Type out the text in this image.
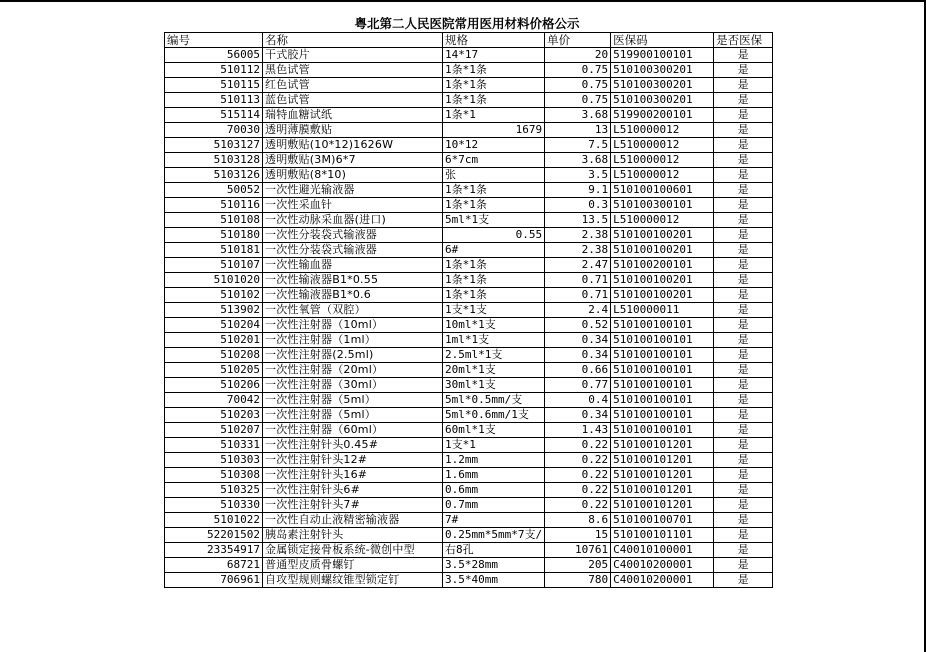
粤北第二人民医院常用医用材料价格公示
编号	名称	规格	单价	医保码	是否医保
56005	干式胶片	14*17	20	519900100101	是
510112	黑色试管	1条*1条	0.75	510100300201	是
510115	红色试管	1条*1条	0.75	510100300201	是
510113	蓝色试管	1条*1条	0.75	510100300201	是
515114	瑞特血糖试纸	1条*1	3.68	519900200101	是
70030	透明薄膜敷贴	1679	13	L510000012	是
5103127	透明敷贴(10*12)1626W	10*12	7.5	L510000012	是
5103128	透明敷贴(3M)6*7	6*7cm	3.68	L510000012	是
5103126	透明敷贴(8*10)	张	3.5	L510000012	是
50052	一次性避光输液器	1条*1条	9.1	510100100601	是
510116	一次性采血针	1条*1条	0.3	510100300101	是
510108	一次性动脉采血器(进口)	5ml*1支	13.5	L510000012	是
510180	一次性分装袋式输液器	0.55	2.38	510100100201	是
510181	一次性分装袋式输液器	6#	2.38	510100100201	是
510107	一次性输血器	1条*1条	2.47	510100200101	是
5101020	一次性输液器B1*0.55	1条*1条	0.71	510100100201	是
510102	一次性输液器B1*0.6	1条*1条	0.71	510100100201	是
513902	一次性氧管（双腔）	1支*1支	2.4	L510000011	是
510204	一次性注射器（10ml）	10ml*1支	0.52	510100100101	是
510201	一次性注射器（1ml）	1ml*1支	0.34	510100100101	是
510208	一次性注射器(2.5ml)	2.5ml*1支	0.34	510100100101	是
510205	一次性注射器（20ml）	20ml*1支	0.66	510100100101	是
510206	一次性注射器（30ml）	30ml*1支	0.77	510100100101	是
70042	一次性注射器（5ml）	5ml*0.5mm/支	0.4	510100100101	是
510203	一次性注射器（5ml）	5ml*0.6mm/1支	0.34	510100100101	是
510207	一次性注射器（60ml）	60ml*1支	1.43	510100100101	是
510331	一次性注射针头0.45#	1支*1	0.22	510100101201	是
510303	一次性注射针头12#	1.2mm	0.22	510100101201	是
510308	一次性注射针头16#	1.6mm	0.22	510100101201	是
510325	一次性注射针头6#	0.6mm	0.22	510100101201	是
510330	一次性注射针头7#	0.7mm	0.22	510100101201	是
5101022	一次性自动止液精密输液器	7#	8.6	510100100701	是
52201502	胰岛素注射针头	0.25mm*5mm*7支/	15	510100101101	是
23354917	金属锁定接骨板系统-微创中型	右8孔	10761	C40010100001	是
68721	普通型皮质骨螺钉	3.5*28mm	205	C40010200001	是
706961	自攻型规则螺纹锥型锁定钉	3.5*40mm	780	C40010200001	是
